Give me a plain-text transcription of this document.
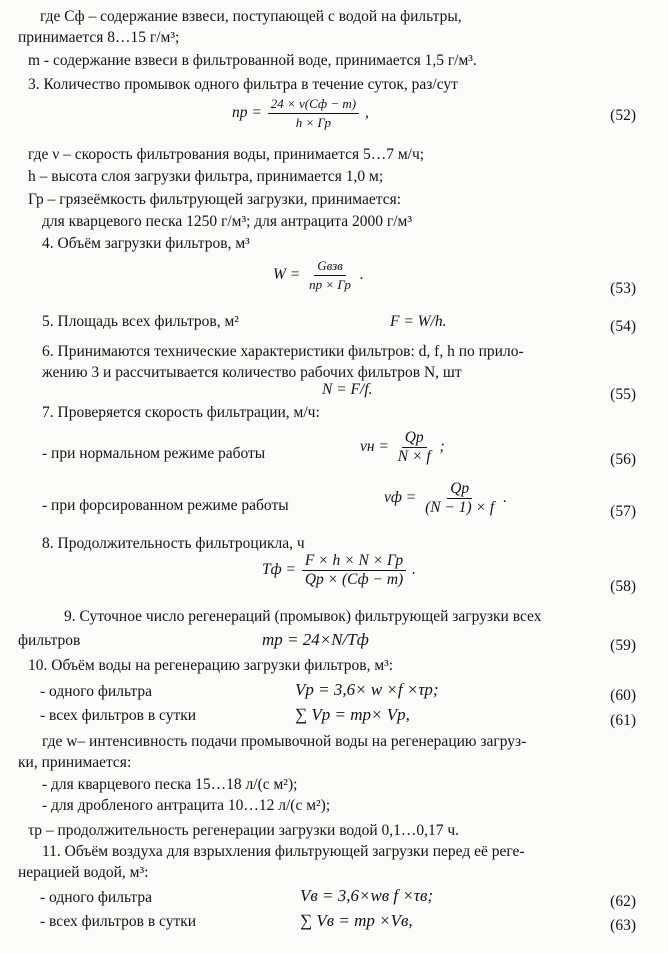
где Сф – содержание взвеси, поступающей с водой на фильтры,
принимается 8…15 г/м³;
m - содержание взвеси в фильтрованной воде, принимается 1,5 г/м³.
3. Количество промывок одного фильтра в течение суток, раз/сут
np = $\frac{24 \times \nu(Сф - m)}{h \times Гр}$ ,	(52)
где ν – скорость фильтрования воды, принимается 5…7 м/ч;
h – высота слоя загрузки фильтра, принимается 1,0 м;
Гр – грязеёмкость фильтрующей загрузки, принимается:
для кварцевого песка 1250 г/м³; для антрацита 2000 г/м³
4. Объём загрузки фильтров, м³
$W = \frac{\text{Gвзв}}{np \times Гр}$ .
(53)
5. Площадь всех фильтров, м²	F = W/h.	(54)
6. Принимаются технические характеристики фильтров: d, f, h по прило-
жению 3 и рассчитывается количество рабочих фильтров N, шт
N = F/f.	(55)
7. Проверяется скорость фильтрации, м/ч:
- при нормальном режиме работы	$\nu н = \frac{Qр}{N \times f}$ ;
(56)
- при форсированном режиме работы	$\nu ф = \frac{Qр}{(N - 1) \times f}$ .
(57)
8. Продолжительность фильтроцикла, ч
Тф = $\frac{F \times h \times N \times Гр}{Qр \times (Сф - m)}$ .
(58)
9. Суточное число регенераций (промывок) фильтрующей загрузки всех
фильтров	mр = 24×N/Тф	(59)
10. Объём воды на регенерацию загрузки фильтров, м³:
- одного фильтра	Vр = 3,6× w ×f ×τр;	(60)
- всех фильтров в сутки	∑ Vр = mр× Vр,	(61)
где w– интенсивность подачи промывочной воды на регенерацию загруз-
ки, принимается:
- для кварцевого песка 15…18 л/(с м²);
- для дробленого антрацита 10…12 л/(с м²);
τр – продолжительность регенерации загрузки водой 0,1…0,17 ч.
11. Объём воздуха для взрыхления фильтрующей загрузки перед её реге-
нерацией водой, м³:
- одного фильтра	Vв = 3,6×wв f ×τв;	(62)
- всех фильтров в сутки	∑ Vв = mр ×Vв,	(63)
